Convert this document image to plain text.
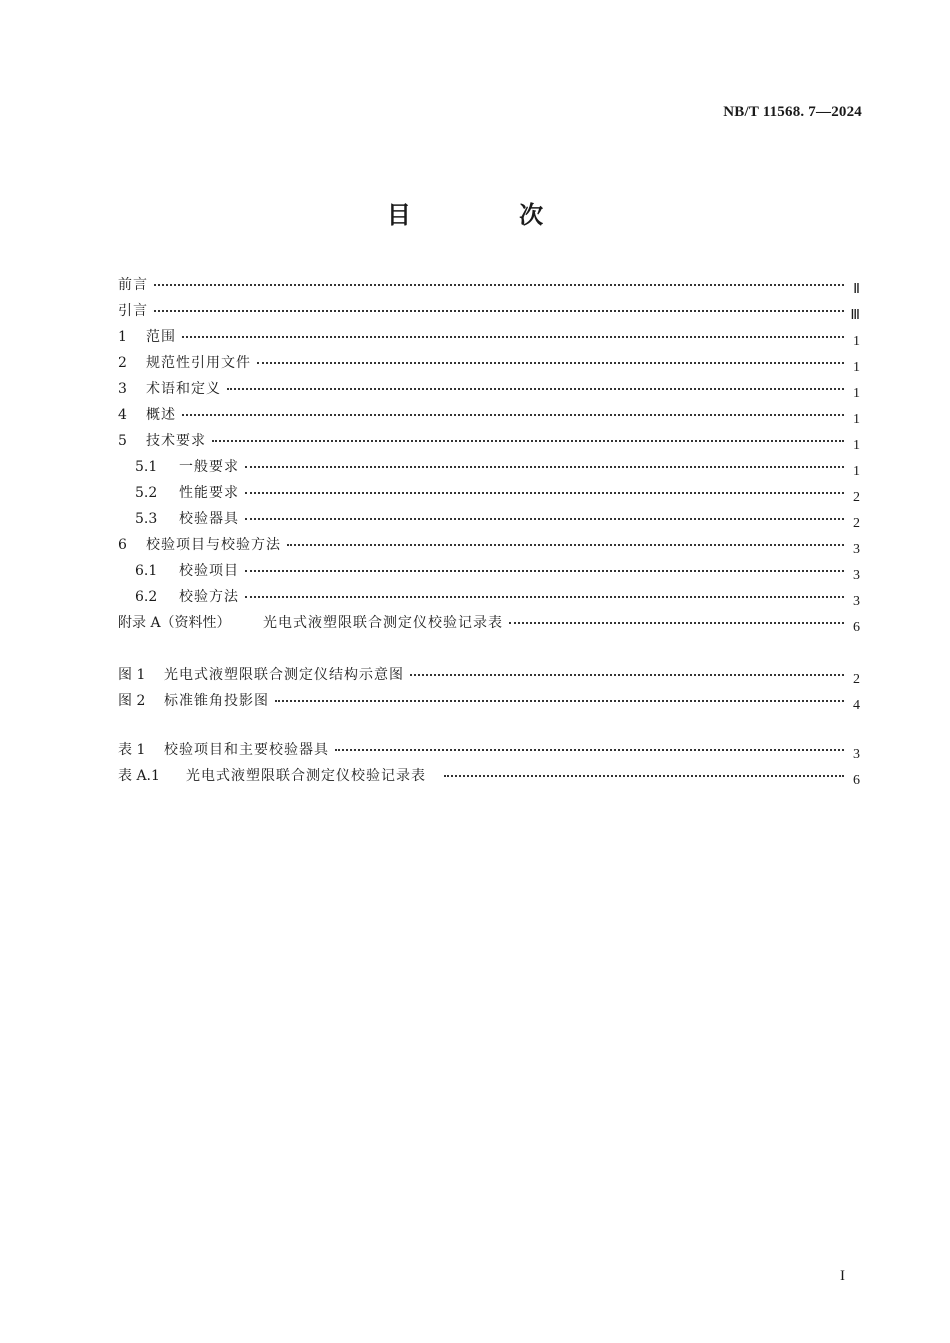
NB/T 11568. 7—2024
目 次
前言	Ⅱ
引言	Ⅲ
1	范围	1
2	规范性引用文件	1
3	术语和定义	1
4	概述	1
5	技术要求	1
5.1	一般要求	1
5.2	性能要求	2
5.3	校验器具	2
6	校验项目与校验方法	3
6.1	校验项目	3
6.2	校验方法	3
附录 A（资料性）	光电式液塑限联合测定仪校验记录表	6
图 1	光电式液塑限联合测定仪结构示意图	2
图 2	标准锥角投影图	4
表 1	校验项目和主要校验器具	3
表 A.1	光电式液塑限联合测定仪校验记录表	6
I
